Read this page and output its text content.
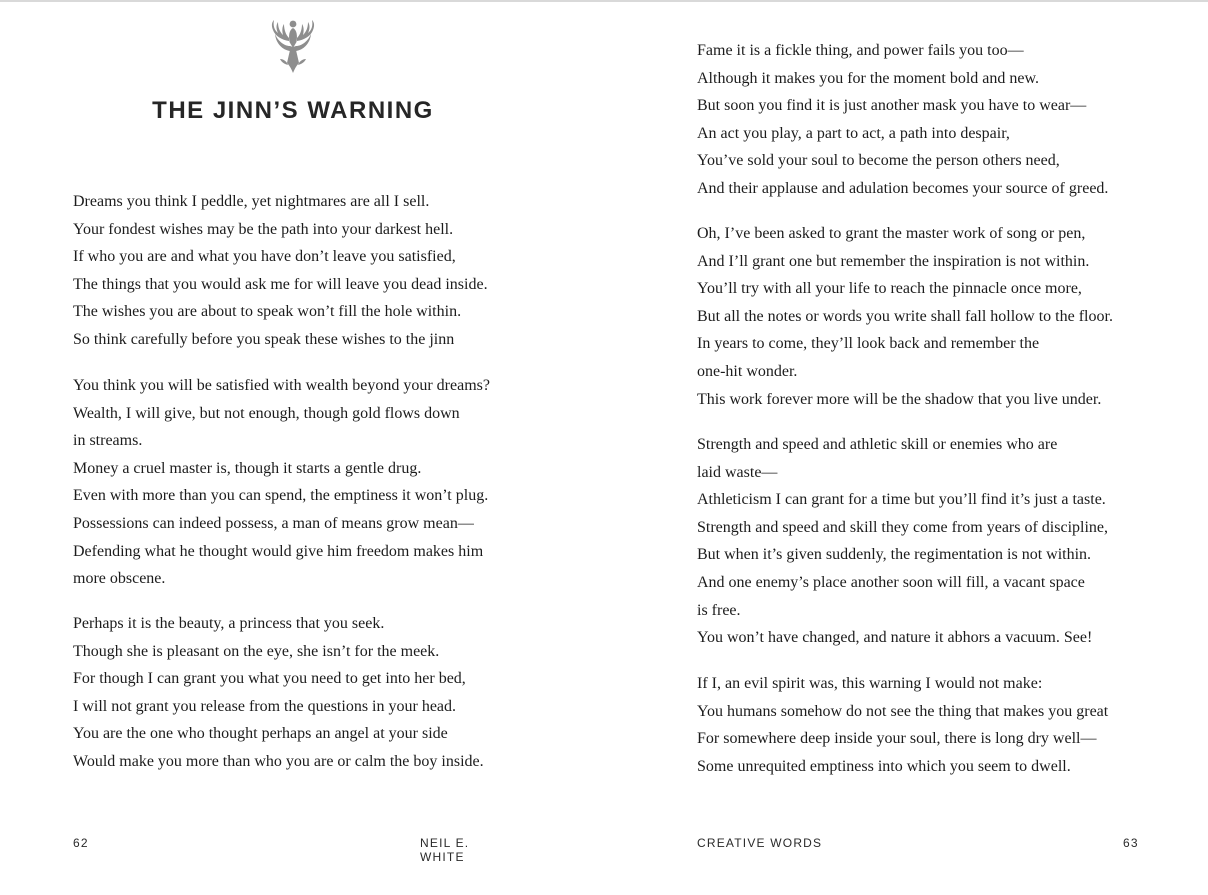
THE JINN’S WARNING
Dreams you think I peddle, yet nightmares are all I sell.
Your fondest wishes may be the path into your darkest hell.
If who you are and what you have don’t leave you satisfied,
The things that you would ask me for will leave you dead inside.
The wishes you are about to speak won’t fill the hole within.
So think carefully before you speak these wishes to the jinn
You think you will be satisfied with wealth beyond your dreams?
Wealth, I will give, but not enough, though gold flows down
in streams.
Money a cruel master is, though it starts a gentle drug.
Even with more than you can spend, the emptiness it won’t plug.
Possessions can indeed possess, a man of means grow mean—
Defending what he thought would give him freedom makes him
more obscene.
Perhaps it is the beauty, a princess that you seek.
Though she is pleasant on the eye, she isn’t for the meek.
For though I can grant you what you need to get into her bed,
I will not grant you release from the questions in your head.
You are the one who thought perhaps an angel at your side
Would make you more than who you are or calm the boy inside.
62	NEIL E. WHITE
Fame it is a fickle thing, and power fails you too—
Although it makes you for the moment bold and new.
But soon you find it is just another mask you have to wear—
An act you play, a part to act, a path into despair,
You’ve sold your soul to become the person others need,
And their applause and adulation becomes your source of greed.
Oh, I’ve been asked to grant the master work of song or pen,
And I’ll grant one but remember the inspiration is not within.
You’ll try with all your life to reach the pinnacle once more,
But all the notes or words you write shall fall hollow to the floor.
In years to come, they’ll look back and remember the
one-hit wonder.
This work forever more will be the shadow that you live under.
Strength and speed and athletic skill or enemies who are
laid waste—
Athleticism I can grant for a time but you’ll find it’s just a taste.
Strength and speed and skill they come from years of discipline,
But when it’s given suddenly, the regimentation is not within.
And one enemy’s place another soon will fill, a vacant space
is free.
You won’t have changed, and nature it abhors a vacuum. See!
If I, an evil spirit was, this warning I would not make:
You humans somehow do not see the thing that makes you great
For somewhere deep inside your soul, there is long dry well—
Some unrequited emptiness into which you seem to dwell.
CREATIVE WORDS	63
